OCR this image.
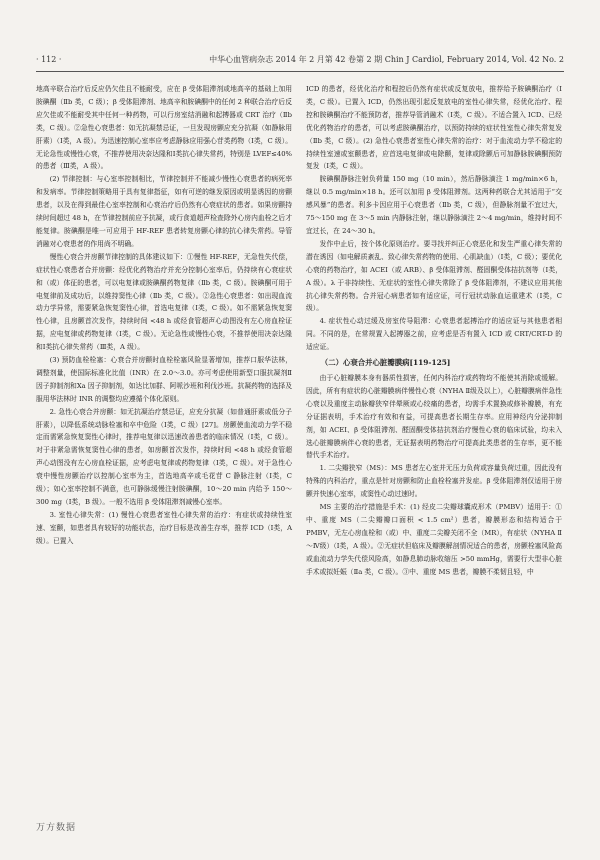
· 112 ·	中华心血管病杂志 2014 年 2 月第 42 卷第 2 期 Chin J Cardiol, February 2014, Vol. 42 No. 2

地高辛联合治疗后反应仍欠佳且不能耐受，应在 β 受体阻滞剂或地高辛的基础上加用胺碘酮（Ⅱb 类，C 级）；β 受体阻滞剂、地高辛和胺碘酮中的任何 2 种联合治疗后反应欠佳或不能耐受其中任何一种药物，可以行房室结消融和起搏器或 CRT 治疗（Ⅱb 类，C 级）。②急性心衰患者：如无抗凝禁忌证，一旦发现房颤应充分抗凝（如静脉用肝素）（Ⅰ类，A 级）。为迅速控制心室率应考虑静脉应用强心苷类药物（Ⅰ类，C 级）。无论急性或慢性心衰，不推荐使用决奈达隆和Ⅰ类抗心律失常药，特别是 LVEF≤40% 的患者（Ⅲ类，A 级）。

(2) 节律控制：与心室率控制相比，节律控制并不能减少慢性心衰患者的病死率和发病率。节律控制策略用于具有复律指征，如有可逆的继发原因或明显诱因的房颤患者，以及在得到最佳心室率控制和心衰治疗后仍然有心衰症状的患者。如果房颤持续时间超过 48 h，在节律控制前应予抗凝，或行食道超声检查除外心房内血栓之后才能复律。胺碘酮是唯一可应用于 HF-REF 患者转复房颤心律的抗心律失常药。导管消融对心衰患者的作用尚不明确。

慢性心衰合并房颤节律控制的具体建议如下：①慢性 HF-REF，无急性失代偿，症状性心衰患者合并房颤：经优化药物治疗并充分控制心室率后，仍持续有心衰症状和（或）体征的患者，可以电复律或胺碘酮药物复律（Ⅱb 类，C 级）。胺碘酮可用于电复律前及成功后，以维持窦性心律（Ⅱb 类，C 级）。②急性心衰患者：如出现血流动力学异常，需要紧急恢复窦性心律，首选电复律（Ⅰ类，C 级）。如不需紧急恢复窦性心律，且房颤首次发作，持续时间 <48 h 或经食管超声心动图没有左心房血栓证据，应电复律或药物复律（Ⅰ类，C 级）。无论急性或慢性心衰，不推荐使用决奈达隆和Ⅰ类抗心律失常药（Ⅲ类，A 级）。

(3) 预防血栓栓塞：心衰合并房颤时血栓栓塞风险显著增加，推荐口服华法林，调整剂量，使国际标准化比值（INR）在 2.0～3.0。亦可考虑使用新型口服抗凝剂Ⅱ因子抑制剂和Ⅹa 因子抑制剂，如达比加群、阿哌沙班和利伐沙班。抗凝药物的选择及服用华法林时 INR 的调整均应遵循个体化原则。

2. 急性心衰合并房颤：如无抗凝治疗禁忌证，应充分抗凝（如普通肝素或低分子肝素），以降低系统动脉栓塞和卒中危险（Ⅰ类，C 级）[27]。房颤使血流动力学不稳定而需紧急恢复窦性心律时，推荐电复律以迅速改善患者的临床情况（Ⅰ类，C 级）。对于非紧急需恢复窦性心律的患者，如房颤首次发作，持续时间 <48 h 或经食管超声心动图没有左心房血栓证据，应考虑电复律或药物复律（Ⅰ类，C 级）。对于急性心衰中慢性房颤治疗以控制心室率为主，首选地高辛或毛花苷 C 静脉注射（Ⅰ类，C 级）；如心室率控制不满意，也可静脉缓慢注射胺碘酮，10～20 min 内给予 150～300 mg（Ⅰ类，B 级）。一般不选用 β 受体阻滞剂减慢心室率。

3. 室性心律失常：(1) 慢性心衰患者室性心律失常的治疗：有症状或持续性室速、室颤，如患者具有较好的功能状态，治疗目标是改善生存率，推荐 ICD（Ⅰ类，A 级）。已置入

ICD 的患者，经优化治疗和程控后仍然有症状或反复放电，推荐给予胺碘酮治疗（Ⅰ类，C 级）。已置入 ICD，仍然出现引起反复放电的室性心律失常，经优化治疗、程控和胺碘酮治疗不能预防者，推荐导管消融术（Ⅰ类，C 级）。不适合置入 ICD、已经优化药物治疗的患者，可以考虑胺碘酮治疗，以预防持续的症状性室性心律失常复发（Ⅱb 类，C 级）。(2) 急性心衰患者室性心律失常的治疗：对于血流动力学不稳定的持续性室速或室颤患者，应首选电复律或电除颤，复律或除颤后可加静脉胺碘酮预防复发（Ⅰ类，C 级）。

胺碘酮静脉注射负荷量 150 mg（10 min），然后静脉滴注 1 mg/min×6 h，继以 0.5 mg/min×18 h。还可以加用 β 受体阻滞剂。这两种药联合尤其适用于“交感风暴”的患者。利多卡因应用于心衰患者（Ⅱb 类，C 级），但静脉剂量不宜过大，75～150 mg 在 3～5 min 内静脉注射，继以静脉滴注 2～4 mg/min，维持时间不宜过长，在 24～30 h。

发作中止后，按个体化原则治疗。要寻找并纠正心衰恶化和发生严重心律失常的潜在诱因（如电解质紊乱、致心律失常药物的使用、心肌缺血）（Ⅰ类，C 级）；要优化心衰的药物治疗，如 ACEI（或 ARB）、β 受体阻滞剂、醛固酮受体拮抗剂等（Ⅰ类，A 级）。λ 于非持续性、无症状的室性心律失常除了 β 受体阻滞剂，不建议应用其他抗心律失常药物。合并冠心病患者如有适应证，可行冠状动脉血运重建术（Ⅰ类，C 级）。

4. 症状性心动过缓及房室传导阻滞：心衰患者起搏治疗的适应证与其他患者相同。不同的是，在常规置入起搏器之前，应考虑是否有置入 ICD 或 CRT/CRT-D 的适应证。

（二）心衰合并心脏瓣膜病[119-125]

由于心脏瓣膜本身有器质性损害，任何内科治疗或药物均不能使其消除或缓解。因此，所有有症状的心脏瓣膜病伴慢性心衰（NYHA Ⅱ级及以上），心脏瓣膜病伴急性心衰以及重度主动脉瓣狭窄伴晕厥或心绞痛的患者，均需手术置换或修补瓣膜，有充分证据表明，手术治疗有效和有益，可提高患者长期生存率。应用神经内分泌抑制剂，如 ACEI、β 受体阻滞剂、醛固酮受体拮抗剂治疗慢性心衰的临床试验，均未入选心脏瓣膜病伴心衰的患者，无证据表明药物治疗可提高此类患者的生存率，更不能替代手术治疗。

1. 二尖瓣狭窄（MS）：MS 患者左心室并无压力负荷或容量负荷过重，因此没有特殊的内科治疗，重点是针对房颤和防止血栓栓塞并发症。β 受体阻滞剂仅适用于房颤并快速心室率，或窦性心动过速时。

MS 主要的治疗措施是手术：(1) 经皮二尖瓣球囊成形术（PMBV）适用于：①中、重度 MS（二尖瓣瓣口面积 < 1.5 cm²）患者，瓣膜形态和结构适合于 PMBV，无左心房血栓和（或）中、重度二尖瓣关闭不全（MR），有症状（NYHA Ⅱ～Ⅳ级）（Ⅰ类，A 级）。②无症状但临床及瓣膜解剖情况适合的患者，房颤栓塞风险高或血流动力学失代偿风险高，如静息肺动脉收缩压 >50 mmHg，需要行大型非心脏手术或拟妊娠（Ⅱa 类，C 级）。③中、重度 MS 患者，瓣膜不柔韧且轻，中

万方数据
